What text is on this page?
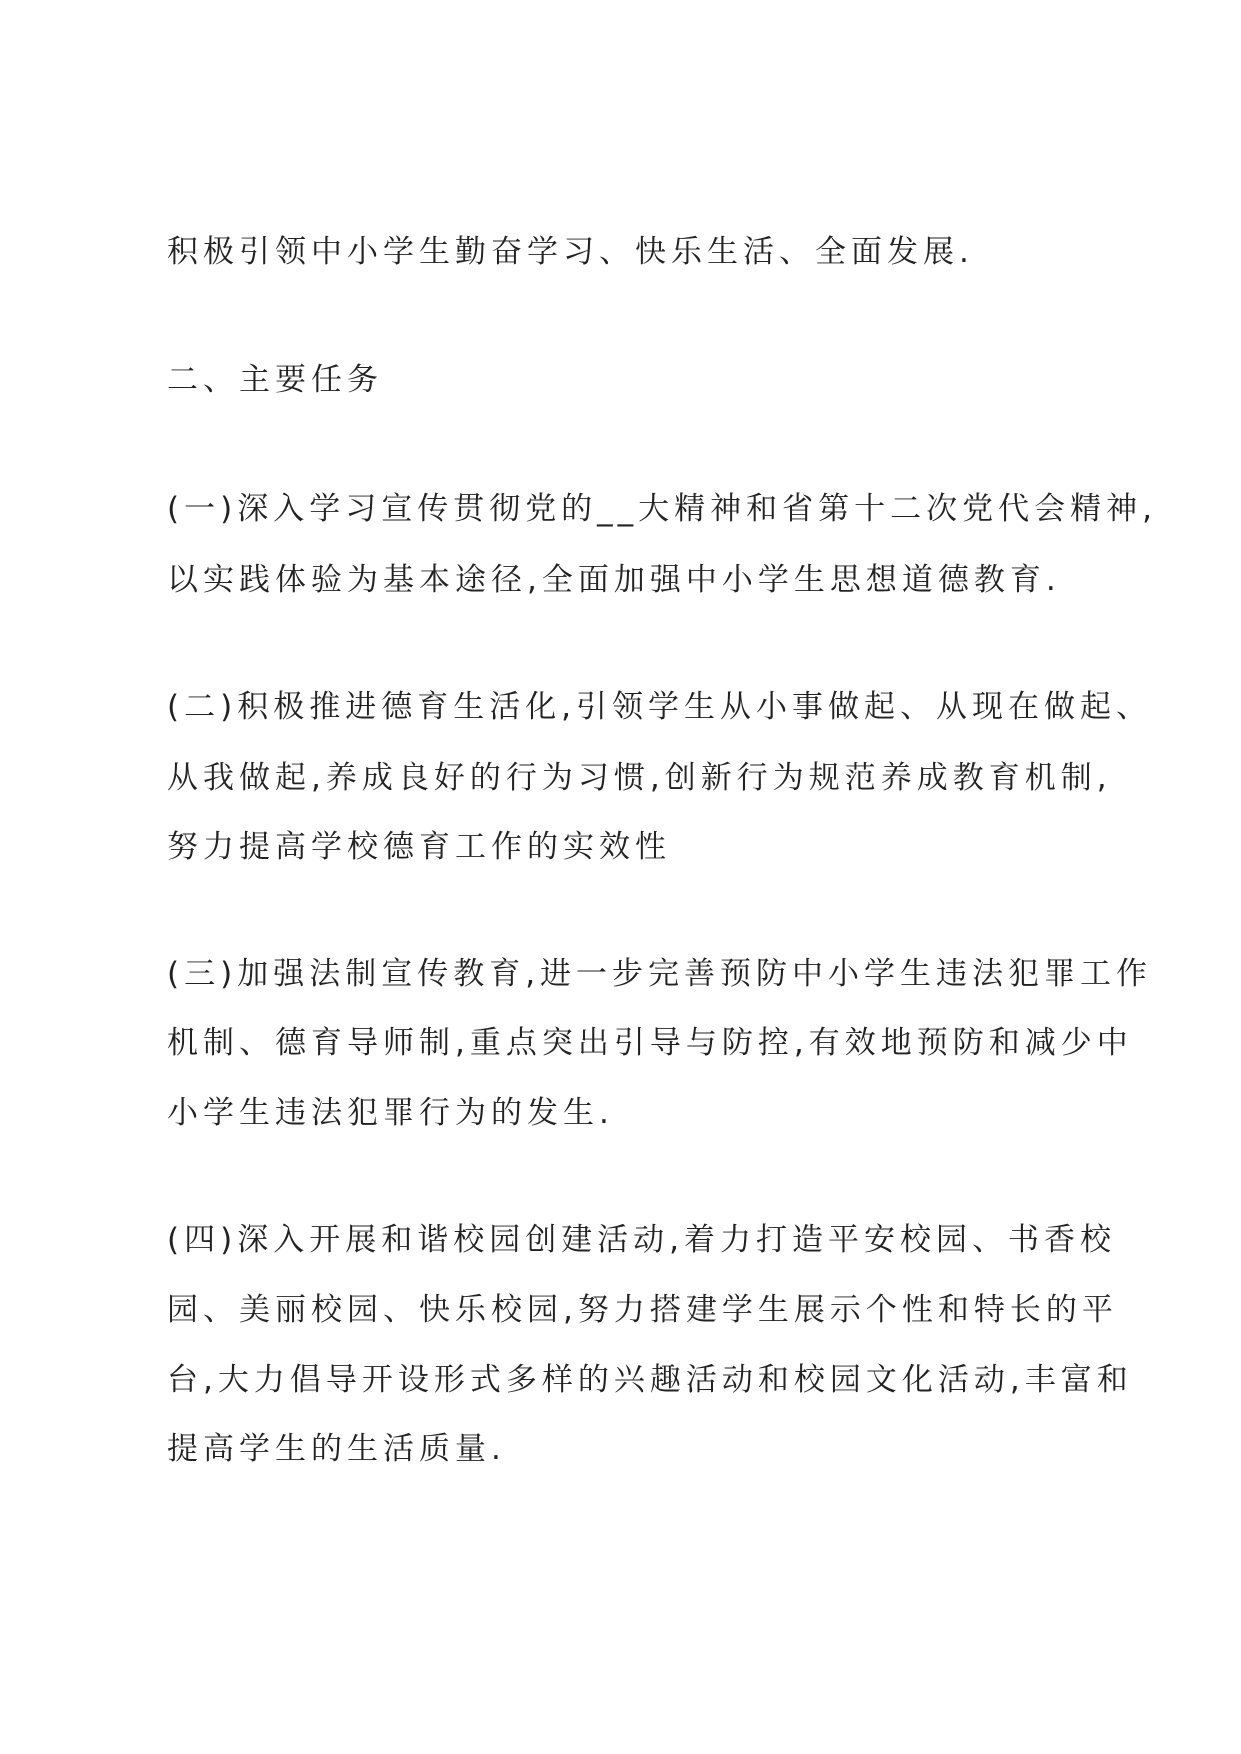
积极引领中小学生勤奋学习、快乐生活、全面发展.
二、主要任务
(一)深入学习宣传贯彻党的__大精神和省第十二次党代会精神,
以实践体验为基本途径,全面加强中小学生思想道德教育.
(二)积极推进德育生活化,引领学生从小事做起、从现在做起、
从我做起,养成良好的行为习惯,创新行为规范养成教育机制,
努力提高学校德育工作的实效性
(三)加强法制宣传教育,进一步完善预防中小学生违法犯罪工作
机制、德育导师制,重点突出引导与防控,有效地预防和减少中
小学生违法犯罪行为的发生.
(四)深入开展和谐校园创建活动,着力打造平安校园、书香校
园、美丽校园、快乐校园,努力搭建学生展示个性和特长的平
台,大力倡导开设形式多样的兴趣活动和校园文化活动,丰富和
提高学生的生活质量.
